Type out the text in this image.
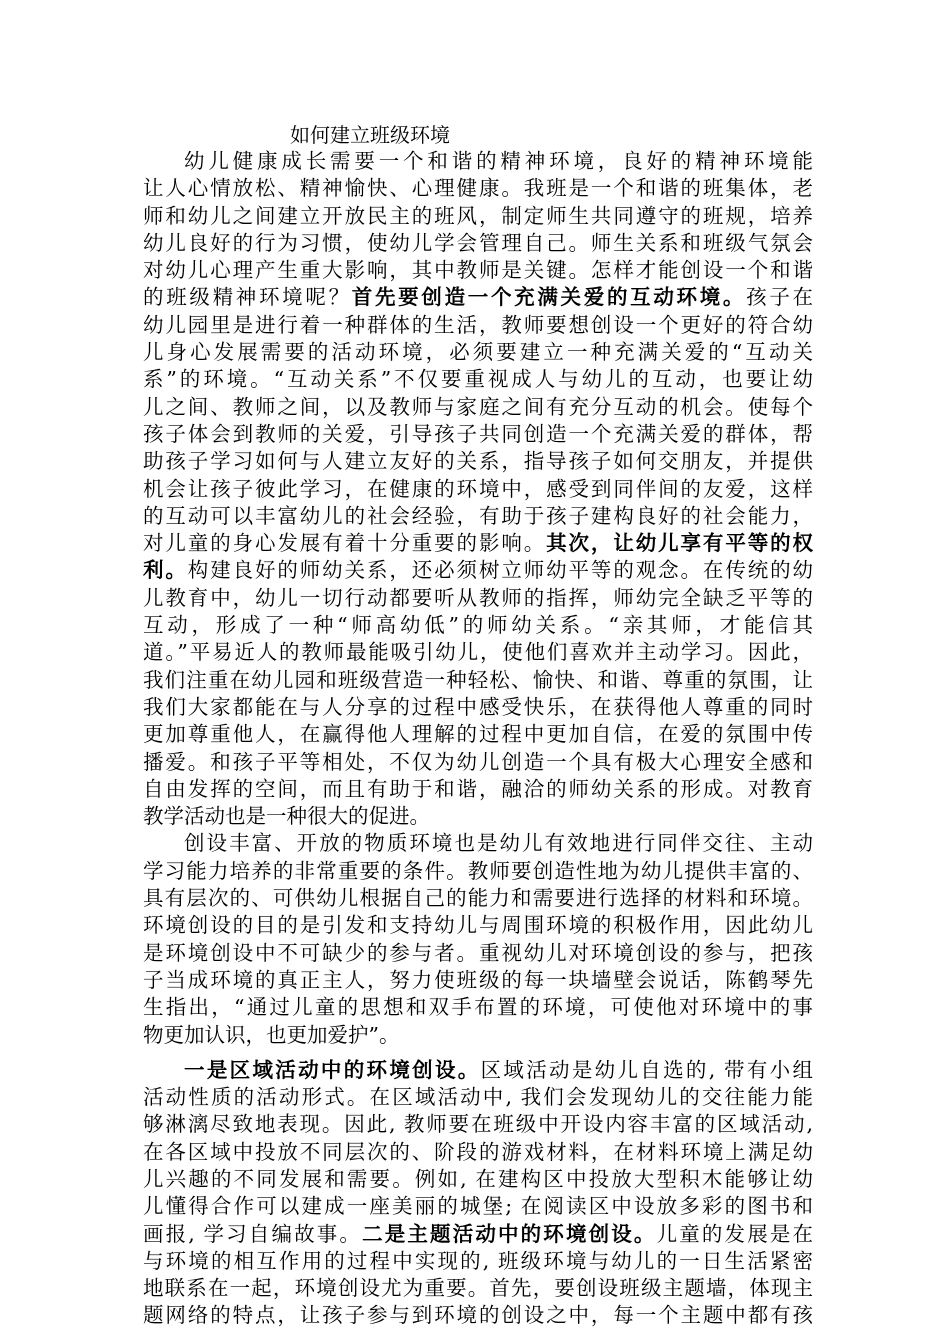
如何建立班级环境
幼儿健康成长需要一个和谐的精神环境，良好的精神环境能
让人心情放松、精神愉快、心理健康。我班是一个和谐的班集体，老
师和幼儿之间建立开放民主的班风，制定师生共同遵守的班规，培养
幼儿良好的行为习惯，使幼儿学会管理自己。师生关系和班级气氛会
对幼儿心理产生重大影响，其中教师是关键。怎样才能创设一个和谐
的班级精神环境呢？首先要创造一个充满关爱的互动环境。孩子在
幼儿园里是进行着一种群体的生活，教师要想创设一个更好的符合幼
儿身心发展需要的活动环境，必须要建立一种充满关爱的“互动关
系”的环境。“互动关系”不仅要重视成人与幼儿的互动，也要让幼
儿之间、教师之间，以及教师与家庭之间有充分互动的机会。使每个
孩子体会到教师的关爱，引导孩子共同创造一个充满关爱的群体，帮
助孩子学习如何与人建立友好的关系，指导孩子如何交朋友，并提供
机会让孩子彼此学习，在健康的环境中，感受到同伴间的友爱，这样
的互动可以丰富幼儿的社会经验，有助于孩子建构良好的社会能力，
对儿童的身心发展有着十分重要的影响。其次，让幼儿享有平等的权
利。构建良好的师幼关系，还必须树立师幼平等的观念。在传统的幼
儿教育中，幼儿一切行动都要听从教师的指挥，师幼完全缺乏平等的
互动，形成了一种“师高幼低”的师幼关系。“亲其师，才能信其
道。”平易近人的教师最能吸引幼儿，使他们喜欢并主动学习。因此，
我们注重在幼儿园和班级营造一种轻松、愉快、和谐、尊重的氛围，让
我们大家都能在与人分享的过程中感受快乐，在获得他人尊重的同时
更加尊重他人，在赢得他人理解的过程中更加自信，在爱的氛围中传
播爱。和孩子平等相处，不仅为幼儿创造一个具有极大心理安全感和
自由发挥的空间，而且有助于和谐，融洽的师幼关系的形成。对教育
教学活动也是一种很大的促进。
创设丰富、开放的物质环境也是幼儿有效地进行同伴交往、主动
学习能力培养的非常重要的条件。教师要创造性地为幼儿提供丰富的、
具有层次的、可供幼儿根据自己的能力和需要进行选择的材料和环境。
环境创设的目的是引发和支持幼儿与周围环境的积极作用，因此幼儿
是环境创设中不可缺少的参与者。重视幼儿对环境创设的参与，把孩
子当成环境的真正主人，努力使班级的每一块墙壁会说话，陈鹤琴先
生指出，“通过儿童的思想和双手布置的环境，可使他对环境中的事
物更加认识，也更加爱护”。
一是区域活动中的环境创设。区域活动是幼儿自选的, 带有小组
活动性质的活动形式。在区域活动中, 我们会发现幼儿的交往能力能
够淋漓尽致地表现。因此, 教师要在班级中开设内容丰富的区域活动,
在各区域中投放不同层次的、阶段的游戏材料，在材料环境上满足幼
儿兴趣的不同发展和需要。例如, 在建构区中投放大型积木能够让幼
儿懂得合作可以建成一座美丽的城堡; 在阅读区中设放多彩的图书和
画报, 学习自编故事。二是主题活动中的环境创设。儿童的发展是在
与环境的相互作用的过程中实现的, 班级环境与幼儿的一日生活紧密
地联系在一起，环境创设尤为重要。首先，要创设班级主题墙，体现主
题网络的特点，让孩子参与到环境的创设之中，每一个主题中都有孩
